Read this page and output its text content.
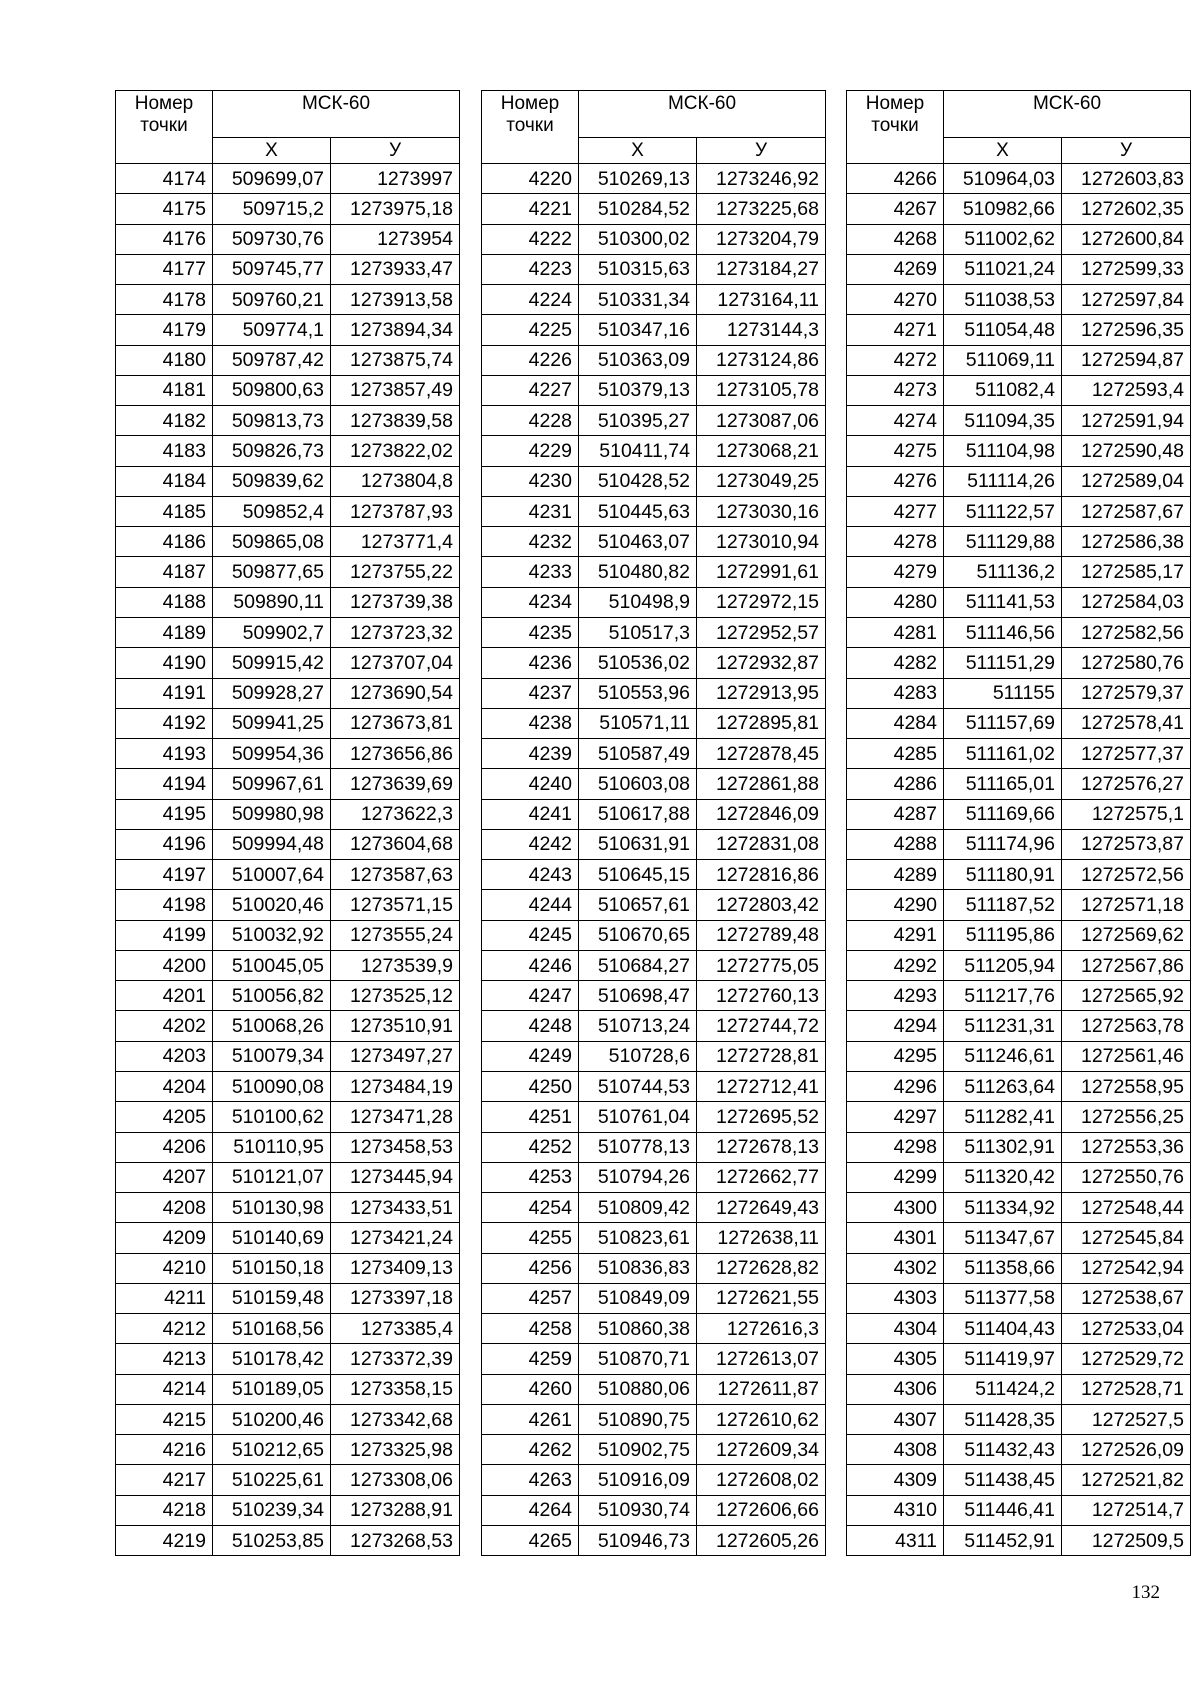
Номер точки	МСК-60	
	Х	У
4174	509699,07	1273997
4175	509715,2	1273975,18
4176	509730,76	1273954
4177	509745,77	1273933,47
4178	509760,21	1273913,58
4179	509774,1	1273894,34
4180	509787,42	1273875,74
4181	509800,63	1273857,49
4182	509813,73	1273839,58
4183	509826,73	1273822,02
4184	509839,62	1273804,8
4185	509852,4	1273787,93
4186	509865,08	1273771,4
4187	509877,65	1273755,22
4188	509890,11	1273739,38
4189	509902,7	1273723,32
4190	509915,42	1273707,04
4191	509928,27	1273690,54
4192	509941,25	1273673,81
4193	509954,36	1273656,86
4194	509967,61	1273639,69
4195	509980,98	1273622,3
4196	509994,48	1273604,68
4197	510007,64	1273587,63
4198	510020,46	1273571,15
4199	510032,92	1273555,24
4200	510045,05	1273539,9
4201	510056,82	1273525,12
4202	510068,26	1273510,91
4203	510079,34	1273497,27
4204	510090,08	1273484,19
4205	510100,62	1273471,28
4206	510110,95	1273458,53
4207	510121,07	1273445,94
4208	510130,98	1273433,51
4209	510140,69	1273421,24
4210	510150,18	1273409,13
4211	510159,48	1273397,18
4212	510168,56	1273385,4
4213	510178,42	1273372,39
4214	510189,05	1273358,15
4215	510200,46	1273342,68
4216	510212,65	1273325,98
4217	510225,61	1273308,06
4218	510239,34	1273288,91
4219	510253,85	1273268,53
Номер точки	МСК-60	
	Х	У
4220	510269,13	1273246,92
4221	510284,52	1273225,68
4222	510300,02	1273204,79
4223	510315,63	1273184,27
4224	510331,34	1273164,11
4225	510347,16	1273144,3
4226	510363,09	1273124,86
4227	510379,13	1273105,78
4228	510395,27	1273087,06
4229	510411,74	1273068,21
4230	510428,52	1273049,25
4231	510445,63	1273030,16
4232	510463,07	1273010,94
4233	510480,82	1272991,61
4234	510498,9	1272972,15
4235	510517,3	1272952,57
4236	510536,02	1272932,87
4237	510553,96	1272913,95
4238	510571,11	1272895,81
4239	510587,49	1272878,45
4240	510603,08	1272861,88
4241	510617,88	1272846,09
4242	510631,91	1272831,08
4243	510645,15	1272816,86
4244	510657,61	1272803,42
4245	510670,65	1272789,48
4246	510684,27	1272775,05
4247	510698,47	1272760,13
4248	510713,24	1272744,72
4249	510728,6	1272728,81
4250	510744,53	1272712,41
4251	510761,04	1272695,52
4252	510778,13	1272678,13
4253	510794,26	1272662,77
4254	510809,42	1272649,43
4255	510823,61	1272638,11
4256	510836,83	1272628,82
4257	510849,09	1272621,55
4258	510860,38	1272616,3
4259	510870,71	1272613,07
4260	510880,06	1272611,87
4261	510890,75	1272610,62
4262	510902,75	1272609,34
4263	510916,09	1272608,02
4264	510930,74	1272606,66
4265	510946,73	1272605,26
Номер точки	МСК-60	
	Х	У
4266	510964,03	1272603,83
4267	510982,66	1272602,35
4268	511002,62	1272600,84
4269	511021,24	1272599,33
4270	511038,53	1272597,84
4271	511054,48	1272596,35
4272	511069,11	1272594,87
4273	511082,4	1272593,4
4274	511094,35	1272591,94
4275	511104,98	1272590,48
4276	511114,26	1272589,04
4277	511122,57	1272587,67
4278	511129,88	1272586,38
4279	511136,2	1272585,17
4280	511141,53	1272584,03
4281	511146,56	1272582,56
4282	511151,29	1272580,76
4283	511155	1272579,37
4284	511157,69	1272578,41
4285	511161,02	1272577,37
4286	511165,01	1272576,27
4287	511169,66	1272575,1
4288	511174,96	1272573,87
4289	511180,91	1272572,56
4290	511187,52	1272571,18
4291	511195,86	1272569,62
4292	511205,94	1272567,86
4293	511217,76	1272565,92
4294	511231,31	1272563,78
4295	511246,61	1272561,46
4296	511263,64	1272558,95
4297	511282,41	1272556,25
4298	511302,91	1272553,36
4299	511320,42	1272550,76
4300	511334,92	1272548,44
4301	511347,67	1272545,84
4302	511358,66	1272542,94
4303	511377,58	1272538,67
4304	511404,43	1272533,04
4305	511419,97	1272529,72
4306	511424,2	1272528,71
4307	511428,35	1272527,5
4308	511432,43	1272526,09
4309	511438,45	1272521,82
4310	511446,41	1272514,7
4311	511452,91	1272509,5
132
